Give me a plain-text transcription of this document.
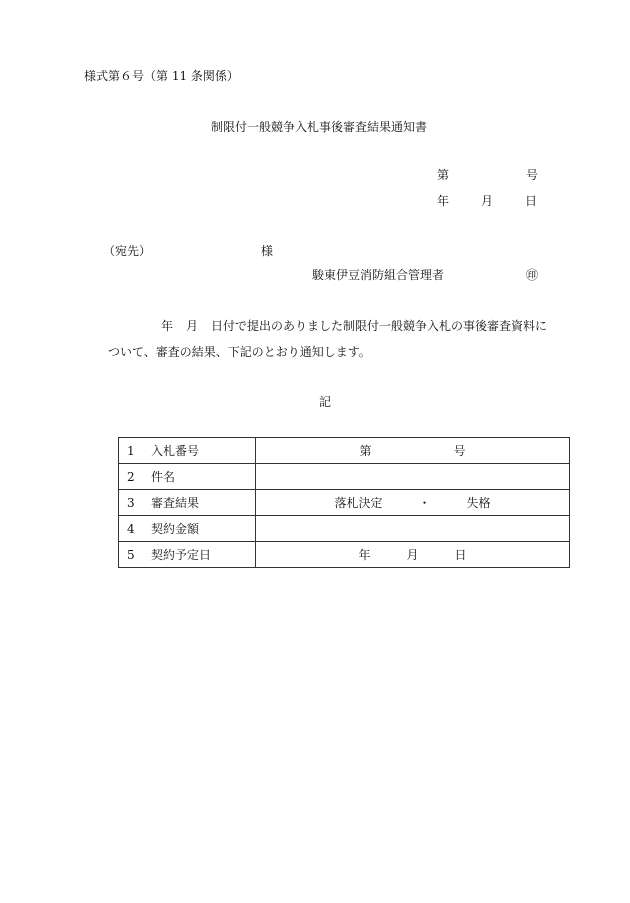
様式第６号（第 11 条関係）
制限付一般競争入札事後審査結果通知書
第	号
年	月	日
（宛先）	様
駿東伊豆消防組合管理者	㊞
年 月 日付で提出のありました制限付一般競争入札の事後審査資料に
ついて、審査の結果、下記のとおり通知します。
記
1 入札番号	第 号
2 件名	
3 審査結果	落札決定 ・ 失格
4 契約金額	
5 契約予定日	年 月 日
